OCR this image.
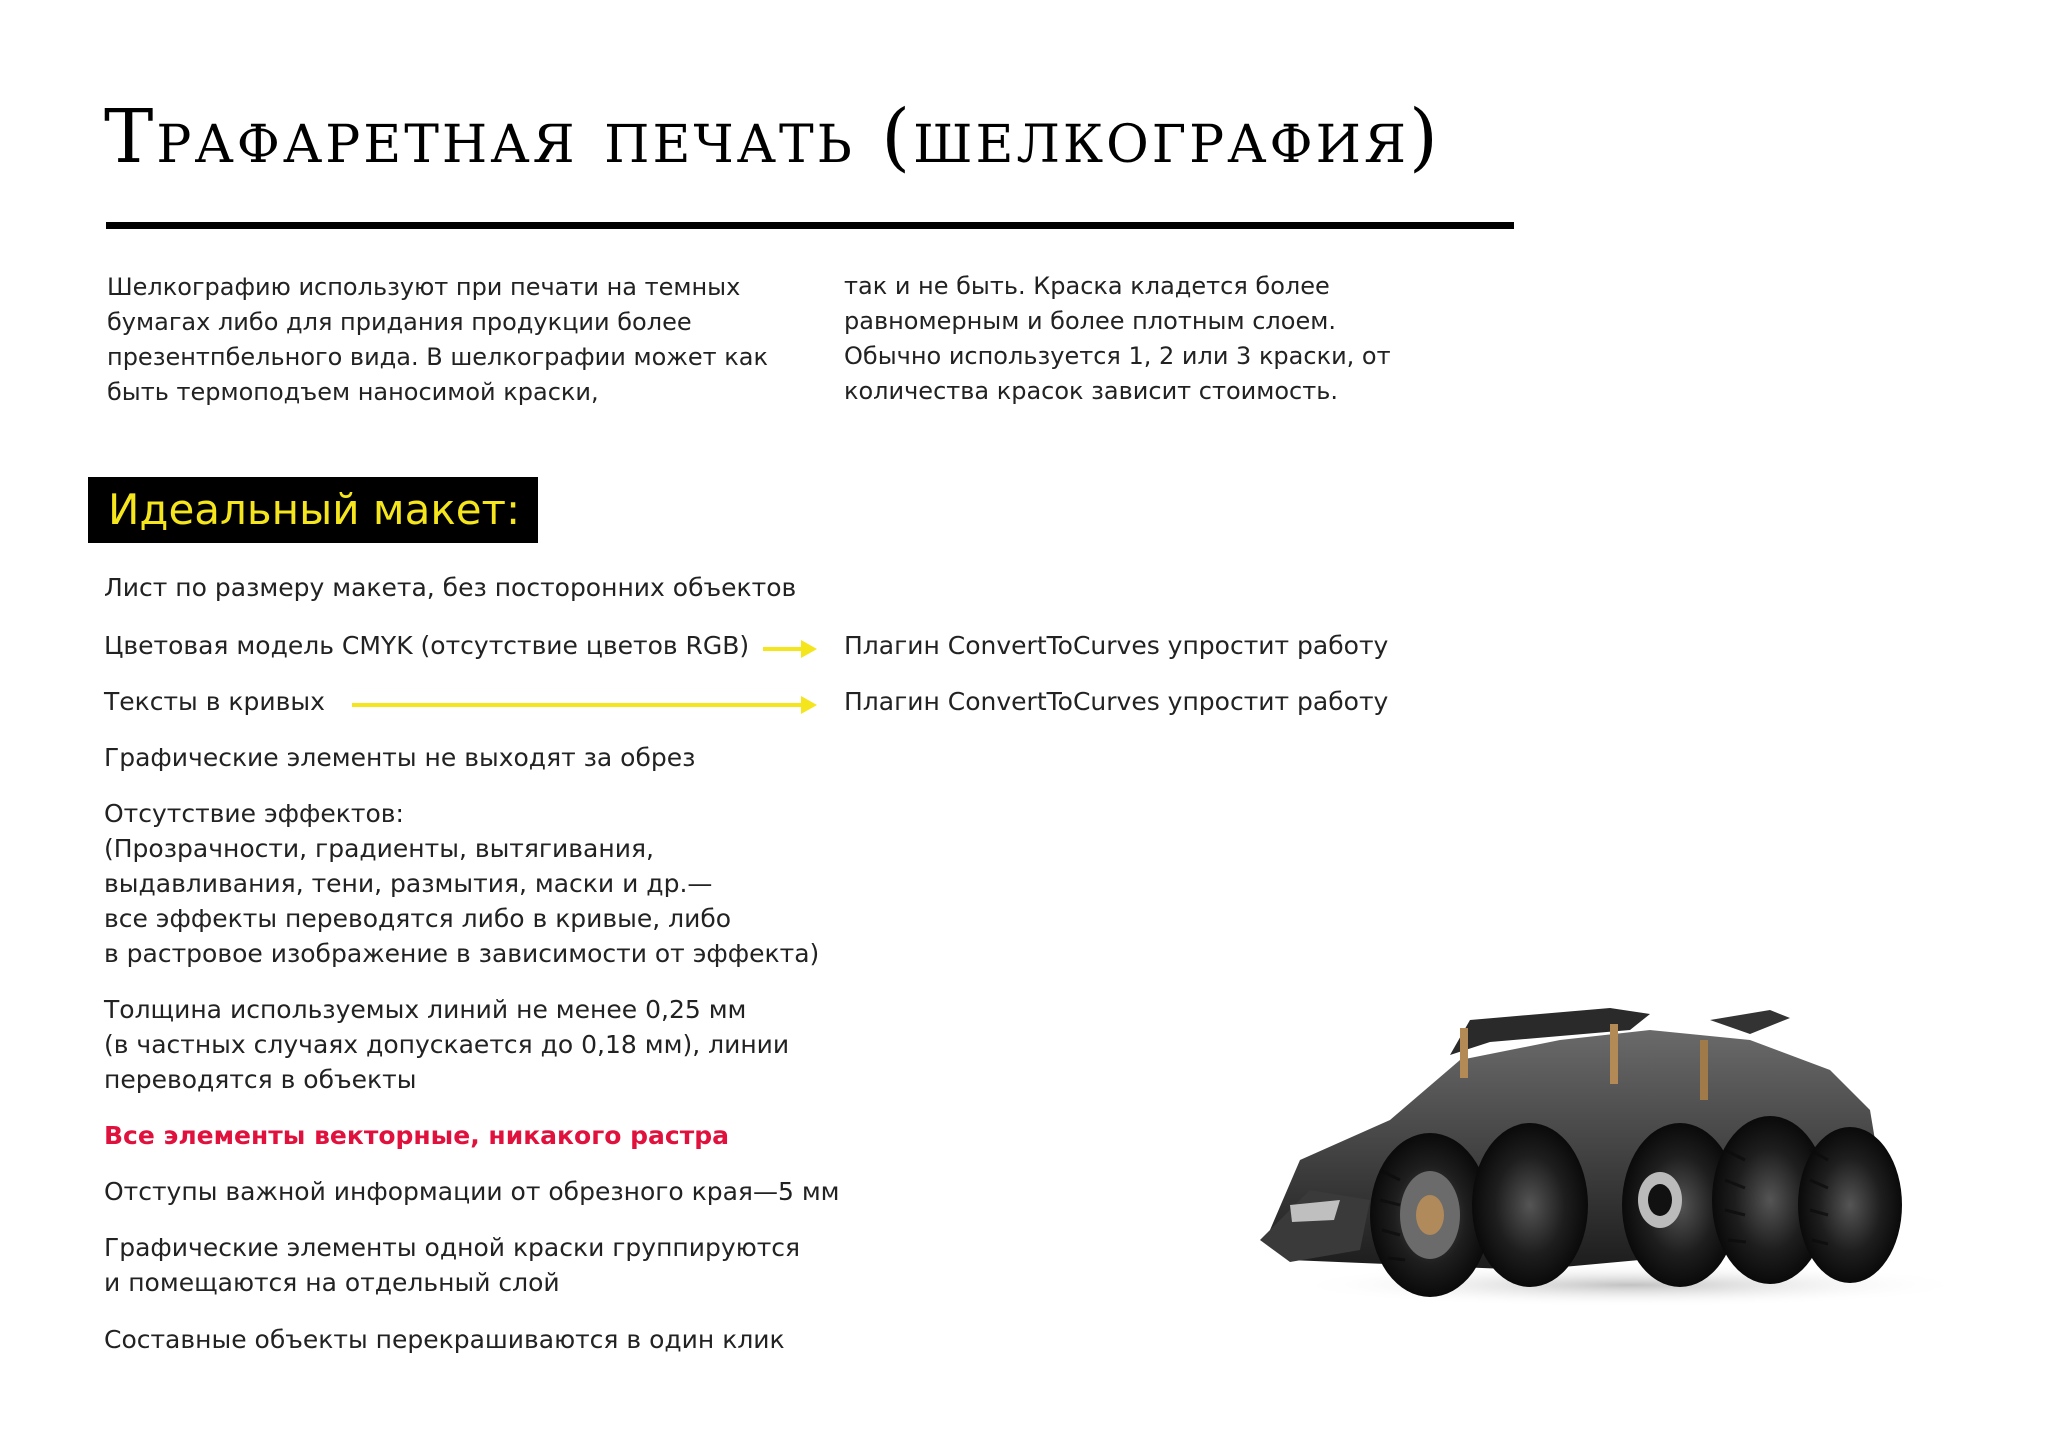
Трафаретная печать (шелкография)

Шелкографию используют при печати на темных
бумагах либо для придания продукции более
презентпбельного вида. В шелкографии может как
быть термоподъем наносимой краски,

так и не быть. Краска кладется более
равномерным и более плотным слоем.
Обычно используется 1, 2 или 3 краски, от
количества красок зависит стоимость.

Идеальный макет:
Лист по размеру макета, без посторонних объектов
Цветовая модель CMYK (отсутствие цветов RGB)	Плагин ConvertToCurves упростит работу
Тексты в кривых	Плагин ConvertToCurves упростит работу
Графические элементы не выходят за обрез
Отсутствие эффектов:
(Прозрачности, градиенты, вытягивания,
выдавливания, тени, размытия, маски и др.—
все эффекты переводятся либо в кривые, либо
в растровое изображение в зависимости от эффекта)
Толщина используемых линий не менее 0,25 мм
(в частных случаях допускается до 0,18 мм), линии
переводятся в объекты
Все элементы векторные, никакого растра
Отступы важной информации от обрезного края—5 мм
Графические элементы одной краски группируются
и помещаются на отдельный слой
Составные объекты перекрашиваются в один клик
